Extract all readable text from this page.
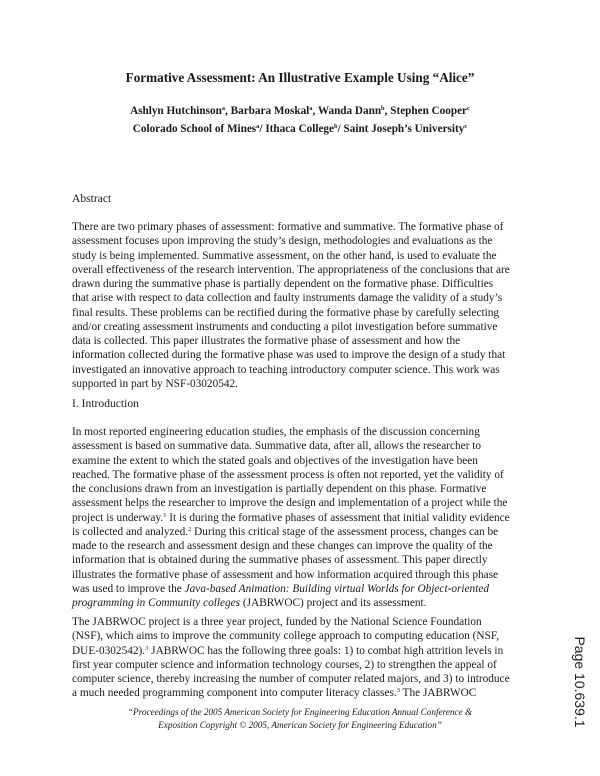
Formative Assessment: An Illustrative Example Using “Alice”
Ashlyn Hutchinson$^a$, Barbara Moskal$^a$, Wanda Dann$^b$, Stephen Cooper$^c$
Colorado School of Mines$^a$/ Ithaca College$^b$/ Saint Joseph’s University$^c$
Abstract
There are two primary phases of assessment: formative and summative. The formative phase of
assessment focuses upon improving the study’s design, methodologies and evaluations as the
study is being implemented. Summative assessment, on the other hand, is used to evaluate the
overall effectiveness of the research intervention. The appropriateness of the conclusions that are
drawn during the summative phase is partially dependent on the formative phase. Difficulties
that arise with respect to data collection and faulty instruments damage the validity of a study’s
final results. These problems can be rectified during the formative phase by carefully selecting
and/or creating assessment instruments and conducting a pilot investigation before summative
data is collected. This paper illustrates the formative phase of assessment and how the
information collected during the formative phase was used to improve the design of a study that
investigated an innovative approach to teaching introductory computer science. This work was
supported in part by NSF-03020542.
I. Introduction
In most reported engineering education studies, the emphasis of the discussion concerning
assessment is based on summative data. Summative data, after all, allows the researcher to
examine the extent to which the stated goals and objectives of the investigation have been
reached. The formative phase of the assessment process is often not reported, yet the validity of
the conclusions drawn from an investigation is partially dependent on this phase. Formative
assessment helps the researcher to improve the design and implementation of a project while the
project is underway.$^1$ It is during the formative phases of assessment that initial validity evidence
is collected and analyzed.$^2$ During this critical stage of the assessment process, changes can be
made to the research and assessment design and these changes can improve the quality of the
information that is obtained during the summative phases of assessment. This paper directly
illustrates the formative phase of assessment and how information acquired through this phase
was used to improve the Java-based Animation: Building virtual Worlds for Object-oriented
programming in Community colleges (JABRWOC) project and its assessment.
The JABRWOC project is a three year project, funded by the National Science Foundation
(NSF), which aims to improve the community college approach to computing education (NSF,
DUE-0302542).$^3$ JABRWOC has the following three goals: 1) to combat high attrition levels in
first year computer science and information technology courses, 2) to strengthen the appeal of
computer science, thereby increasing the number of computer related majors, and 3) to introduce
a much needed programming component into computer literacy classes.$^3$ The JABRWOC
“Proceedings of the 2005 American Society for Engineering Education Annual Conference &
Exposition Copyright © 2005, American Society for Engineering Education”	Page 10.639.1
